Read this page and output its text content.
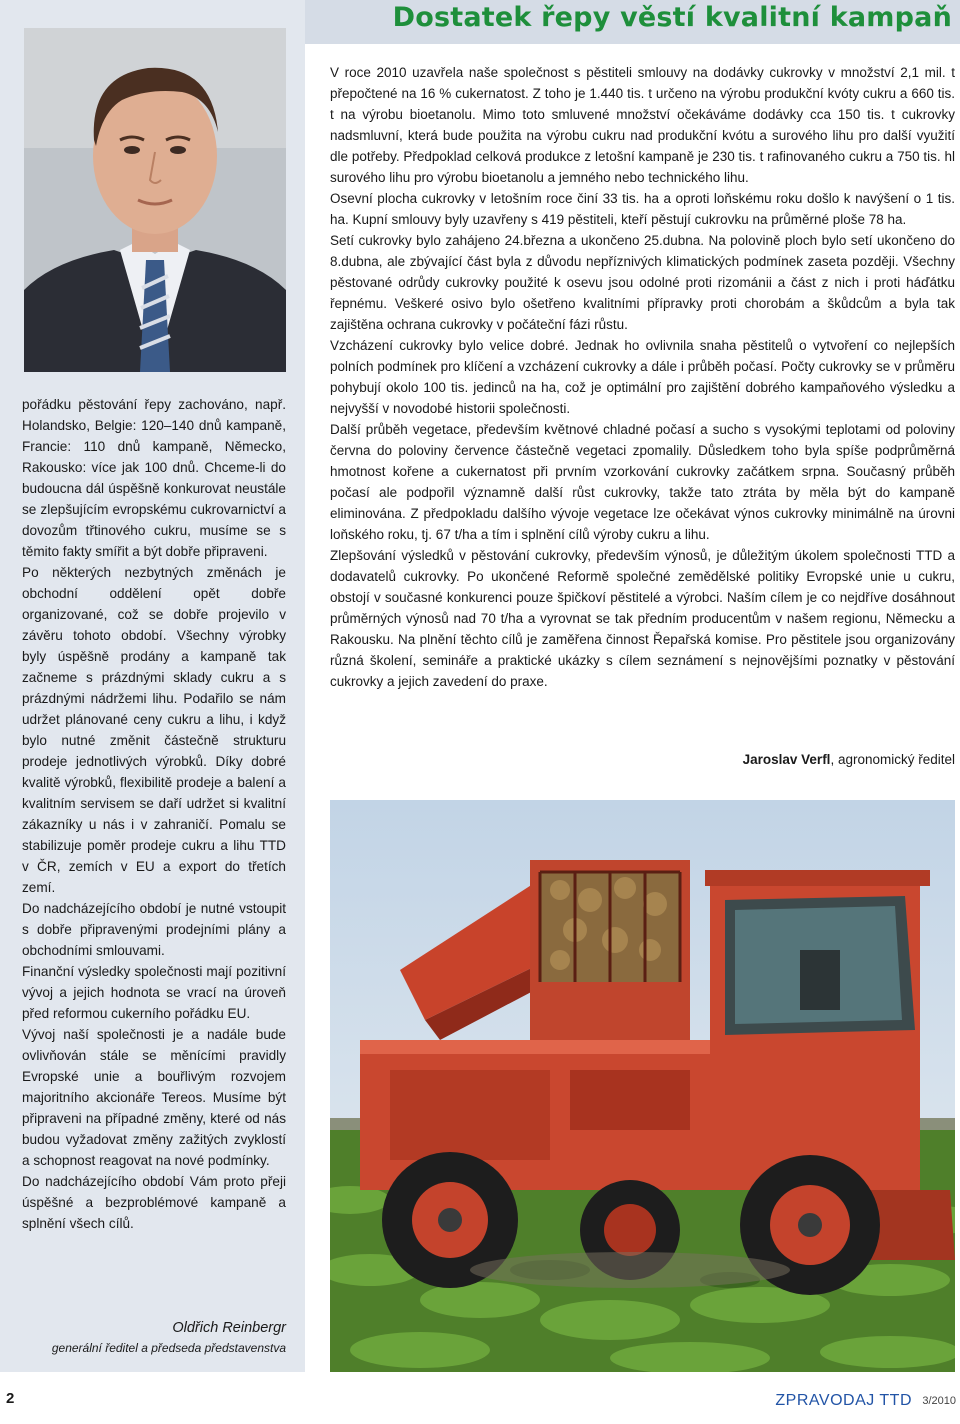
pořádku pěstování řepy zachováno, např. Holandsko, Belgie: 120–140 dnů kampaně, Francie: 110 dnů kampaně, Německo, Rakousko: více jak 100 dnů. Chceme-li do budoucna dál úspěšně konkurovat neustále se zlepšujícím evropskému cukrovarnictví a dovozům třtinového cukru, musíme se s těmito fakty smířit a být dobře připraveni.

Po některých nezbytných změnách je obchodní oddělení opět dobře organizované, což se dobře projevilo v závěru tohoto období. Všechny výrobky byly úspěšně prodány a kampaně tak začneme s prázdnými sklady cukru a s prázdnými nádržemi lihu. Podařilo se nám udržet plánované ceny cukru a lihu, i když bylo nutné změnit částečně strukturu prodeje jednotlivých výrobků. Díky dobré kvalitě výrobků, flexibilitě prodeje a balení a kvalitním servisem se daří udržet si kvalitní zákazníky u nás i v zahraničí. Pomalu se stabilizuje poměr prodeje cukru a lihu TTD v ČR, zemích v EU a export do třetích zemí.

Do nadcházejícího období je nutné vstoupit s dobře připravenými prodejními plány a obchodními smlouvami.

Finanční výsledky společnosti mají pozitivní vývoj a jejich hodnota se vrací na úroveň před reformou cukerního pořádku EU.

Vývoj naší společnosti je a nadále bude ovlivňován stále se měnícími pravidly Evropské unie a bouřlivým rozvojem majoritního akcionáře Tereos. Musíme být připraveni na případné změny, které od nás budou vyžadovat změny zažitých zvyklostí a schopnost reagovat na nové podmínky.

Do nadcházejícího období Vám proto přeji úspěšné a bezproblémové kampaně a splnění všech cílů.

Oldřich Reinbergr
generální ředitel a předseda představenstva
Dostatek řepy věstí kvalitní kampaň

V roce 2010 uzavřela naše společnost s pěstiteli smlouvy na dodávky cukrovky v množství 2,1 mil. t přepočtené na 16 % cukernatost. Z toho je 1.440 tis. t určeno na výrobu produkční kvóty cukru a 660 tis. t na výrobu bioetanolu. Mimo toto smluvené množství očekáváme dodávky cca 150 tis. t cukrovky nadsmluvní, která bude použita na výrobu cukru nad produkční kvótu a surového lihu pro další využití dle potřeby. Předpoklad celková produkce z letošní kampaně je 230 tis. t rafinovaného cukru a 750 tis. hl surového lihu pro výrobu bioetanolu a jemného nebo technického lihu.

Osevní plocha cukrovky v letošním roce činí 33 tis. ha a oproti loňskému roku došlo k navýšení o 1 tis. ha. Kupní smlouvy byly uzavřeny s 419 pěstiteli, kteří pěstují cukrovku na průměrné ploše 78 ha.

Setí cukrovky bylo zahájeno 24.března a ukončeno 25.dubna. Na polovině ploch bylo setí ukončeno do 8.dubna, ale zbývající část byla z důvodu nepříznivých klimatických podmínek zaseta později. Všechny pěstované odrůdy cukrovky použité k osevu jsou odolné proti rizománii a část z nich i proti háďátku řepnému. Veškeré osivo bylo ošetřeno kvalitními přípravky proti chorobám a škůdcům a byla tak zajištěna ochrana cukrovky v počáteční fázi růstu.

Vzcházení cukrovky bylo velice dobré. Jednak ho ovlivnila snaha pěstitelů o vytvoření co nejlepších polních podmínek pro klíčení a vzcházení cukrovky a dále i průběh počasí. Počty cukrovky se v průměru pohybují okolo 100 tis. jedinců na ha, což je optimální pro zajištění dobrého kampaňového výsledku a nejvyšší v novodobé historii společnosti.

Další průběh vegetace, především květnové chladné počasí a sucho s vysokými teplotami od poloviny června do poloviny července částečně vegetaci zpomalily. Důsledkem toho byla spíše podprůměrná hmotnost kořene a cukernatost při prvním vzorkování cukrovky začátkem srpna. Současný průběh počasí ale podpořil významně další růst cukrovky, takže tato ztráta by měla být do kampaně eliminována. Z předpokladu dalšího vývoje vegetace lze očekávat výnos cukrovky minimálně na úrovni loňského roku, tj. 67 t/ha a tím i splnění cílů výroby cukru a lihu.

Zlepšování výsledků v pěstování cukrovky, především výnosů, je důležitým úkolem společnosti TTD a dodavatelů cukrovky. Po ukončené Reformě společné zemědělské politiky Evropské unie u cukru, obstojí v současné konkurenci pouze špičkoví pěstitelé a výrobci. Naším cílem je co nejdříve dosáhnout průměrných výnosů nad 70 t/ha a vyrovnat se tak předním producentům v našem regionu, Německu a Rakousku. Na plnění těchto cílů je zaměřena činnost Řepařská komise. Pro pěstitele jsou organizovány různá školení, semináře a praktické ukázky s cílem seznámení s nejnovějšími poznatky v pěstování cukrovky a jejich zavedení do praxe.

Jaroslav Verfl, agronomický ředitel
2	ZPRAVODAJ TTD 3/2010
